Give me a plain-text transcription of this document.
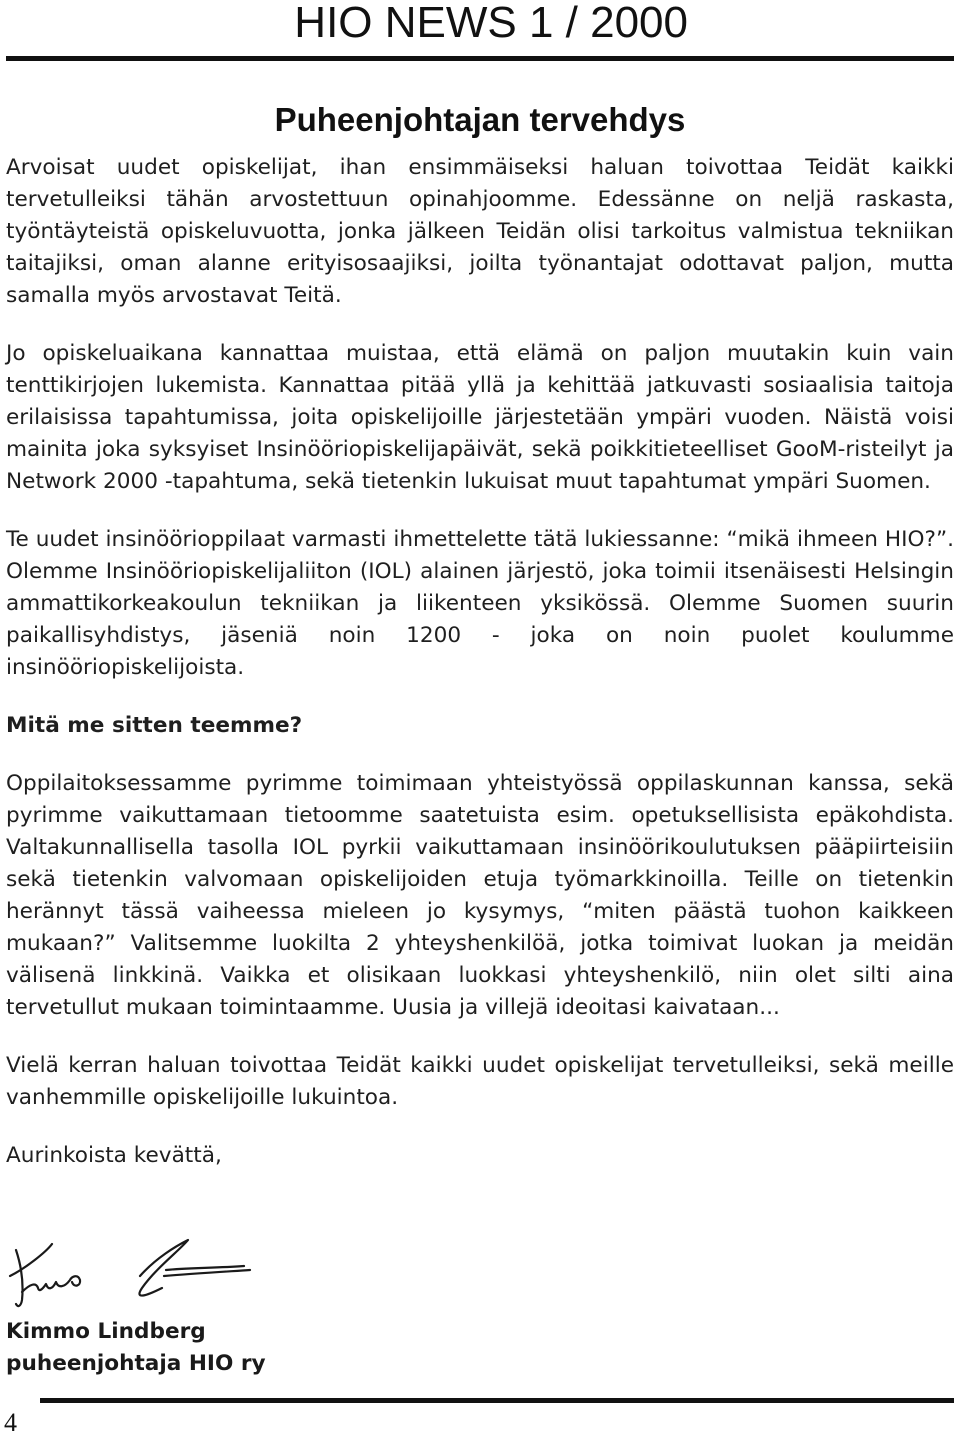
HIO NEWS 1 / 2000
Puheenjohtajan tervehdys

Arvoisat uudet opiskelijat, ihan ensimmäiseksi haluan toivottaa Teidät kaikki tervetulleiksi tähän arvostettuun opinahjoomme. Edessänne on neljä raskasta, työntäyteistä opiskeluvuotta, jonka jälkeen Teidän olisi tarkoitus valmistua tekniikan taitajiksi, oman alanne erityisosaajiksi, joilta työnantajat odottavat paljon, mutta samalla myös arvostavat Teitä.

Jo opiskeluaikana kannattaa muistaa, että elämä on paljon muutakin kuin vain tenttikirjojen lukemista. Kannattaa pitää yllä ja kehittää jatkuvasti sosiaalisia taitoja erilaisissa tapahtumissa, joita opiskelijoille järjestetään ympäri vuoden. Näistä voisi mainita joka syksyiset Insinööriopiskelijapäivät, sekä poikkitieteelliset GooM-risteilyt ja Network 2000 -tapahtuma, sekä tietenkin lukuisat muut tapahtumat ympäri Suomen.

Te uudet insinöörioppilaat varmasti ihmettelette tätä lukiessanne: “mikä ihmeen HIO?”. Olemme Insinööriopiskelijaliiton (IOL) alainen järjestö, joka toimii itsenäisesti Helsingin ammattikorkeakoulun tekniikan ja liikenteen yksikössä. Olemme Suomen suurin paikallisyhdistys, jäseniä noin 1200 - joka on noin puolet koulumme insinööriopiskelijoista.

Mitä me sitten teemme?

Oppilaitoksessamme pyrimme toimimaan yhteistyössä oppilaskunnan kanssa, sekä pyrimme vaikuttamaan tietoomme saatetuista esim. opetuksellisista epäkohdista. Valtakunnallisella tasolla IOL pyrkii vaikuttamaan insinöörikoulutuksen pääpiirteisiin sekä tietenkin valvomaan opiskelijoiden etuja työmarkkinoilla. Teille on tietenkin herännyt tässä vaiheessa mieleen jo kysymys, “miten päästä tuohon kaikkeen mukaan?” Valitsemme luokilta 2 yhteyshenkilöä, jotka toimivat luokan ja meidän välisenä linkkinä. Vaikka et olisikaan luokkasi yhteyshenkilö, niin olet silti aina tervetullut mukaan toimintaamme. Uusia ja villejä ideoitasi kaivataan...

Vielä kerran haluan toivottaa Teidät kaikki uudet opiskelijat tervetulleiksi, sekä meille vanhemmille opiskelijoille lukuintoa.

Aurinkoista kevättä,

Kimmo Lindberg
puheenjohtaja HIO ry
4
